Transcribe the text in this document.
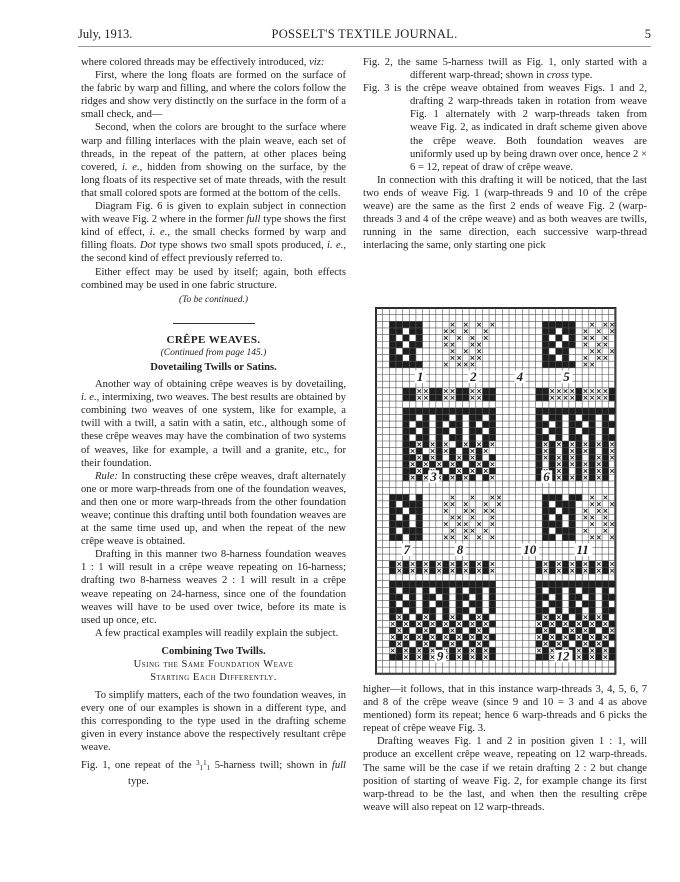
July, 1913.	POSSELT'S TEXTILE JOURNAL.	5

where colored threads may be effectively introduced, viz:

First, where the long floats are formed on the surface of the fabric by warp and filling, and where the colors follow the ridges and show very distinctly on the surface in the form of a small check, and—

Second, when the colors are brought to the surface where warp and filling interlaces with the plain weave, each set of threads, in the repeat of the pattern, at other places being covered, i. e., hidden from showing on the surface, by the long floats of its respective set of mate threads, with the result that small colored spots are formed at the bottom of the cells.

Diagram Fig. 6 is given to explain subject in connection with weave Fig. 2 where in the former full type shows the first kind of effect, i. e., the small checks formed by warp and filling floats. Dot type shows two small spots produced, i. e., the second kind of effect previously referred to.

Either effect may be used by itself; again, both effects combined may be used in one fabric structure.

(To be continued.)

CRÊPE WEAVES.

(Continued from page 145.)

Dovetailing Twills or Satins.

Another way of obtaining crêpe weaves is by dovetailing, i. e., intermixing, two weaves. The best results are obtained by combining two weaves of one system, like for example, a twill with a twill, a satin with a satin, etc., although some of these crêpe weaves may have the combination of two systems of weaves, like for example, a twill and a granite, etc., for their foundation.

Rule: In constructing these crêpe weaves, draft alternately one or more warp-threads from one of the foundation weaves, and then one or more warp-threads from the other foundation weave; continue this drafting until both foundation weaves are at the same time used up, and when the repeat of the new crêpe weave is obtained.

Drafting in this manner two 8-harness foundation weaves 1 : 1 will result in a crêpe weave repeating on 16-harness; drafting two 8-harness weaves 2 : 1 will result in a crêpe weave repeating on 24-harness, since one of the foundation weaves will have to be used over twice, before its mate is used up once, etc.

A few practical examples will readily explain the subject.

Combining Two Twills.

Using the Same Foundation Weave

Starting Each Differently.

To simplify matters, each of the two foundation weaves, in every one of our examples is shown in a different type, and this corresponding to the type used in the drafting scheme given in every instance above the respectively resultant crêpe weave.

Fig. 1, one repeat of the $^31^11$ 5-harness twill; shown in full type.

Fig. 2, the same 5-harness twill as Fig. 1, only started with a different warp-thread; shown in cross type.

Fig. 3 is the crêpe weave obtained from weaves Figs. 1 and 2, drafting 2 warp-threads taken in rotation from weave Fig. 1 alternately with 2 warp-threads taken from weave Fig. 2, as indicated in draft scheme given above the crêpe weave. Both foundation weaves are uniformly used up by being drawn over once, hence 2 × 6 = 12, repeat of draw of crêpe weave.

In connection with this drafting it will be noticed, that the last two ends of weave Fig. 1 (warp-threads 9 and 10 of the crêpe weave) are the same as the first 2 ends of weave Fig. 2 (warp-threads 3 and 4 of the crêpe weave) and as both weaves are twills, running in the same direction, each successive warp-thread interlacing the same, only starting one pick

1	2	4	5
3	6
7	8	10	11
9	12

higher—it follows, that in this instance warp-threads 3, 4, 5, 6, 7 and 8 of the crêpe weave (since 9 and 10 = 3 and 4 as above mentioned) form its repeat; hence 6 warp-threads and 6 picks the repeat of crêpe weave Fig. 3.

Drafting weaves Fig. 1 and 2 in position given 1 : 1, will produce an excellent crêpe weave, repeating on 12 warp-threads. The same will be the case if we retain drafting 2 : 2 but change position of starting of weave Fig. 2, for example change its first warp-thread to be the last, and when then the resulting crêpe weave will also repeat on 12 warp-threads.
